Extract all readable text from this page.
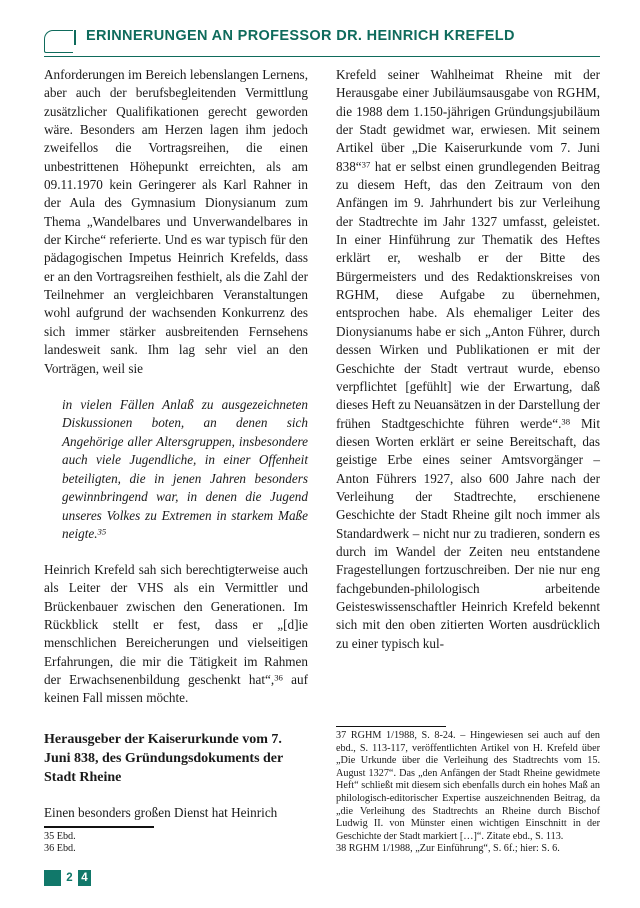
ERINNERUNGEN AN PROFESSOR DR. HEINRICH KREFELD

Anforderungen im Bereich lebenslangen Lernens, aber auch der berufsbegleitenden Vermittlung zusätzlicher Qualifikationen gerecht geworden wäre. Besonders am Herzen lagen ihm jedoch zweifellos die Vortragsreihen, die einen unbestrittenen Höhepunkt erreichten, als am 09.11.1970 kein Geringerer als Karl Rahner in der Aula des Gymnasium Dionysianum zum Thema „Wandelbares und Unverwandelbares in der Kirche“ referierte. Und es war typisch für den pädagogischen Impetus Heinrich Krefelds, dass er an den Vortragsreihen festhielt, als die Zahl der Teilnehmer an vergleichbaren Veranstaltungen wohl aufgrund der wachsenden Konkurrenz des sich immer stärker ausbreitenden Fernsehens landesweit sank. Ihm lag sehr viel an den Vorträgen, weil sie

in vielen Fällen Anlaß zu ausgezeichneten Diskussionen boten, an denen sich Angehörige aller Altersgruppen, insbesondere auch viele Jugendliche, in einer Offenheit beteiligten, die in jenen Jahren besonders gewinnbringend war, in denen die Jugend unseres Volkes zu Extremen in starkem Maße neigte.$^{35}$

Heinrich Krefeld sah sich berechtigterweise auch als Leiter der VHS als ein Vermittler und Brückenbauer zwischen den Generationen. Im Rückblick stellt er fest, dass er „[d]ie menschlichen Bereicherungen und vielseitigen Erfahrungen, die mir die Tätigkeit im Rahmen der Erwachsenenbildung geschenkt hat“,$^{36}$ auf keinen Fall missen möchte.

Herausgeber der Kaiserurkunde vom 7. Juni 838, des Gründungsdokuments der Stadt Rheine

Einen besonders großen Dienst hat Heinrich

35 Ebd.

36 Ebd.

Krefeld seiner Wahlheimat Rheine mit der Herausgabe einer Jubiläumsausgabe von RGHM, die 1988 dem 1.150-jährigen Gründungsjubiläum der Stadt gewidmet war, erwiesen. Mit seinem Artikel über „Die Kaiserurkunde vom 7. Juni 838“$^{37}$ hat er selbst einen grundlegenden Beitrag zu diesem Heft, das den Zeitraum von den Anfängen im 9. Jahrhundert bis zur Verleihung der Stadtrechte im Jahr 1327 umfasst, geleistet. In einer Hinführung zur Thematik des Heftes erklärt er, weshalb er der Bitte des Bürgermeisters und des Redaktionskreises von RGHM, diese Aufgabe zu übernehmen, entsprochen habe. Als ehemaliger Leiter des Dionysianums habe er sich „Anton Führer, durch dessen Wirken und Publikationen er mit der Geschichte der Stadt vertraut wurde, ebenso verpflichtet [gefühlt] wie der Erwartung, daß dieses Heft zu Neuansätzen in der Darstellung der frühen Stadtgeschichte führen werde“.$^{38}$ Mit diesen Worten erklärt er seine Bereitschaft, das geistige Erbe eines seiner Amtsvorgänger – Anton Führers 1927, also 600 Jahre nach der Verleihung der Stadtrechte, erschienene Geschichte der Stadt Rheine gilt noch immer als Standardwerk – nicht nur zu tradieren, sondern es durch im Wandel der Zeiten neu entstandene Fragestellungen fortzuschreiben. Der nie nur eng fachgebunden-philologisch arbeitende Geisteswissenschaftler Heinrich Krefeld bekennt sich mit den oben zitierten Worten ausdrücklich zu einer typisch kul-

37 RGHM 1/1988, S. 8-24. – Hingewiesen sei auch auf den ebd., S. 113-117, veröffentlichten Artikel von H. Krefeld über „Die Urkunde über die Verleihung des Stadtrechts vom 15. August 1327“. Das „den Anfängen der Stadt Rheine gewidmete Heft“ schließt mit diesem sich ebenfalls durch ein hohes Maß an philologisch-editorischer Expertise auszeichnenden Beitrag, da „die Verleihung des Stadtrechts an Rheine durch Bischof Ludwig II. von Münster einen wichtigen Einschnitt in der Geschichte der Stadt markiert […]“. Zitate ebd., S. 113.

38 RGHM 1/1988, „Zur Einführung“, S. 6f.; hier: S. 6.

2 4
